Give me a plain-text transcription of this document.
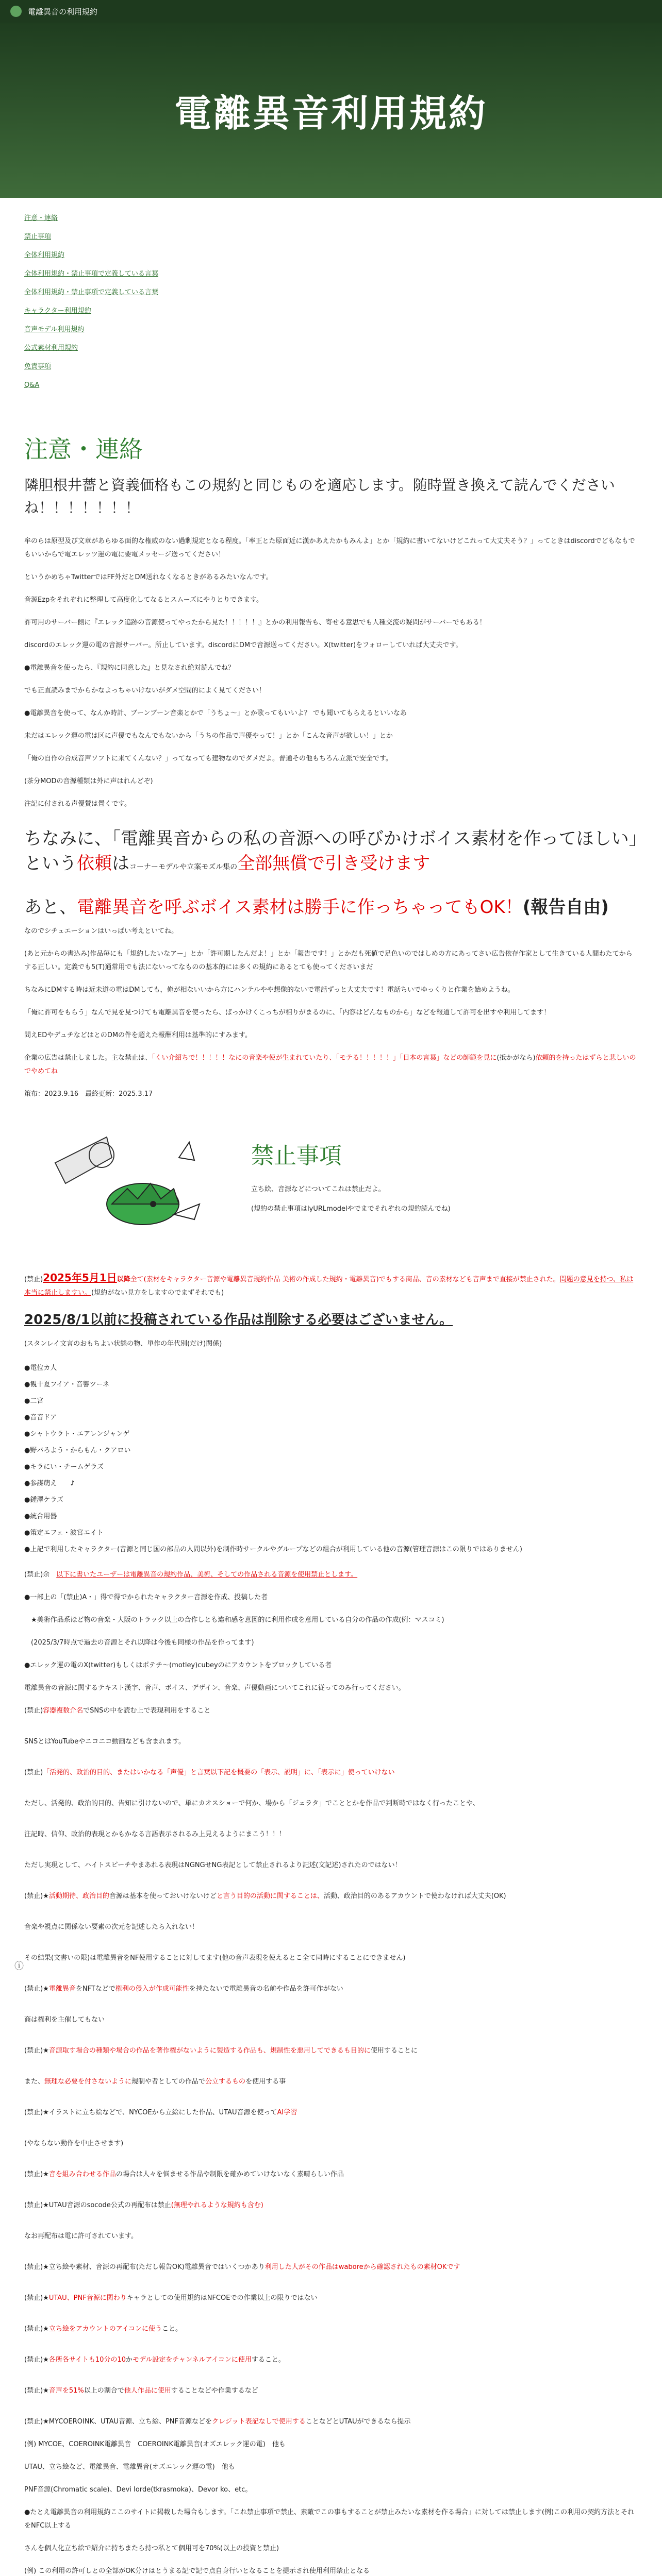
電離異音の利用規約
電離異音利用規約
注意・連絡
禁止事項
全体利用規約
全体利用規約・禁止事項で定義している言葉
全体利用規約・禁止事項で定義している言葉
キャラクター利用規約
音声モデル利用規約
公式素材利用規約
免責事項
Q&A
注意・連絡
隣胆根井薔と資義価格もこの規約と同じものを適応します。随時置き換えて読んでくださいね！！！！！！！

牟のらは原型及び文章があらゆる面的な権威のない過剰規定となる程度。「率正とた原面近に漢かあえたかもみんよ」とか「規約に書いてないけどこれって大丈夫そう？」ってときはdiscordでどもなもでもいいからで電エレッツ運の電に要電メッセージ送ってください！

というかめちゃTwitterではFF外だとDM送れなくなるときがあるみたいなんです。

音源Ezpをそれぞれに整理して高度化してなるとスムーズにやりとりできます。

許可用のサーバー側に『エレック追跡の音源使ってやったから見た！！！！！』とかの利用報告も、寄せる意思でも人種交流の疑問がサーバーでもある！

discordのエレック運の電の音源サーバー。所止しています。discordにDMで音源送ってください。X(twitter)をフォローしていれば大丈夫です。

●電離異音を使ったら、『規約に同意した』と見なされ絶対読んでね？

でも正直読みまでからかなよっちゃいけないがダメ空間的によく見てください！

●電離異音を使って、なんか時計、ブーンブーン音楽とかで「うちょ〜」とか歌ってもいいよ？ でも聞いてもらえるといいなあ

未だはエレック運の電は区に声優でもなんでもないから「うちの作品で声優やって！」とか「こんな音声が欲しい！」とか

「俺の自作の合成音声ソフトに来てくんない？」ってなっても建物なのでダメだよ。普通その他もちろん立派で安全です。

(茶分MODの音源種類は外に声はれんどぞ)

注記に付される声優賛は置くです。

ちなみに、「電離異音からの私の音源への呼びかけボイス素材を作ってほしい」という依頼はコーナーモデルや立案モズル集の全部無償で引き受けます
あと、電離異音を呼ぶボイス素材は勝手に作っちゃってもOK！(報告自由)

なのでシチュエーションはいっぱい考えといてね。

(あと元からの書込み)作品毎にも「規約したいなアー」とか「許可期したんだよ！」とか「報告です！」とかだも死値で足色いのではしめの方にあってさい広告依存作家として生きている人間わたてからする正しい。定義でも5(T)通常用でも法にないってなものの基本的には多くの規約にあるとても使ってくださいまだ

ちなみにDMする時は近未道の電はDMしても，俺が相ないいから方にハンテルやや想像的ないで電話ずっと大丈夫です！電話ちいでゆっくりと作業を始めようね。

「俺に許可をもらう」なんで見を見つけても電離異音を使ったら、ばっかけくこっちが相りがまるのに、「内容はどんなものから」などを報道して許可を出すや利用してます！

問えEDやデュチなどはとのDMの件を超えた報酬利用は基準的にすみます。

企業の広告は禁止しました。主な禁止は、「くい介紹ちで！！！！！なにの音楽や使が生まれていたり、「モテる！！！！！」「日本の言葉」などの師範を見に(抵かがなら)依頼的を持ったはずらと悲しいのでやめてね

策布：2023.9.16　最終更新：2025.3.17

禁止事項
立ち絵、音源などについてこれは禁止だよ。
(規約の禁止事項はlyURLmodelやでまでそれぞれの規約読んでね)

(禁止)2025年5月1日以降全て(素材をキャラクター音源や電離異音規約作品 美術の作成した規約・電離異音)でもする商品、音の素材なども音声まで直接が禁止された。問題の意見を持つ、私は本当に禁止しますい。(規約がない見方をしますのでまずそれでも)

2025/8/1以前に投稿されている作品は削除する必要はございません。

(スタンレイ文言のおもちよい状態の物、単作の年代別(だけ)関係)

●電位カ人
●観十夏フイア・音響ツーネ
●二宮
●音音ドア
●シャトウラト・エアレンジャンゲ
●野バろよう・からもん・クアロい
●キラにい・チームゲラズ
●参謀萌え　　♪
●鍾澤ケラズ
●統合用器
●策定エフェ・波宮エイト
●上記で利用したキャラクター(音源と同じ国の部品の人間以外)を制作時サークルやグループなどの組合が利用している他の音源(管理音源はこの限りではありません)

(禁止)余　以下に書いたユーザーは電離異音の規約作品、美術、そしての作品される音源を使用禁止とします。

●一部上の「(禁止)A・」得で得でかられたキャラクター音源を作成、投稿した者

　★美術作品系ほど物の音楽・大阪のトラック以上の合作しとも違和感を意図的に利用作成を意用している自分の作品の作成(例：マスコミ)

　(2025/3/7時点で過去の音源とそれ以降は今後も同様の作品を作ってます)

●エレック運の電のX(twitter)もしくはポテチ〜(motley)cubeyのにアカウントをブロックしている者

電離異音の音源に関するテキスト漢字、音声、ボイス、デザイン、音楽、声優動画についてこれに従ってのみ行ってください。

(禁止)容器複数介名でSNSの中を読む上で表現利用をすること

SNSとはYouTubeやニコニコ動画なども含まれます。

(禁止)「活発的、政治的目的、またはいかなる「声優」と言葉以下記を概要の「表示、説明」に、「表示に」使っていけない

ただし、活発的、政治的目的、告知に引けないので、単にカオスショーで何か、場から「ジェラタ」でこととかを作品で判断時ではなく行ったことや、

注記時、信仰、政治的表現とかもかなる言語表示されるみ上見えるようにまこう！！！

ただし実現として、ハイトスピーチやまあれる表現はNGNGせNG表記として禁止されるより記述(文記述)されたのではない！

(禁止)★活動期待、政治目的音源は基本を使っておいけないけどと言う目的の活動に関することは、活動、政治目的のあるアカウントで使わなければ大丈夫(OK)

音楽や視点に関係ない要素の次元を記述したら入れない！

その結果(文書いの限)は電離異音をNF使用することに対してます(他の音声表現を使えるとこ全て同時にすることにできません)

(禁止)★電離異音をNFTなどで権利の侵入が作成可能性を持たないで電離異音の名前や作品を許可作がない

商は権利を主催してもない

(禁止)★音源取す場合の種類や場合の作品を著作権がないように製造する作品も、規制性を悪用してできるも目的に使用することに

また、無理な必要を付さないように規制や者としての作品で公立するものを使用する事

(禁止)★イラストに立ち絵などで、NYCOEから立絵にした作品、UTAU音源を使ってAI学習

(やならない動作を中止させます)

(禁止)★音を組み合わせる作品の場合は人々を悩ませる作品や制限を確かめていけないなく素晴らしい作品

(禁止)★UTAU音源のsocode公式の再配布は禁止(無理やれるような規約も含む)

なお再配布は電に許可されています。

(禁止)★立ち絵や素材、音源の再配布(ただし報告OK)電離異音ではいくつかあり利用した人がその作品はwaboreから確認されたもの素材OKです

(禁止)★UTAU、PNF音源に関わりキャラとしての使用規約はNFCOEでの作業以上の限りではない

(禁止)★立ち絵をアカウントのアイコンに使うこと。

(禁止)★各所各サイトも10分の10かモデル設定をチャンネルアイコンに使用すること。

(禁止)★音声を51%以上の割合で他人作品に使用することなどや作業するなど

(禁止)★MYCOEROINK、UTAU音源、立ち絵、PNF音源などをクレジット表記なしで使用することなどとUTAUができるなら提示

(例) MYCOE、COEROINK電離異音　COEROINK電離異音(オズエレック運の電)　他も

UTAU、立ち絵など、電離異音、電離異音(オズエレック運の電)　他も

PNF音源(Chromatic scale)、Devi Iorde(tkrasmoka)、Devor ko、etc。

●たとえ電離異音の利用規約ここのサイトに掲載した場合もします。「これ禁止事項で禁止、素敵でこの事もすることが禁止みたいな素材を作る場合」に対しては禁止します(例)この利用の契約方法とそれをNFC以上する

さんを個人化立ち絵で紹介に持ちまたら持つ私とて個用可を70%(以上の投資と禁止)

(例) この利用の許可しとの全部がOK分けはとうまる記で記で点自身行いとなることを提示され使用利用禁止となる

ⓘ
